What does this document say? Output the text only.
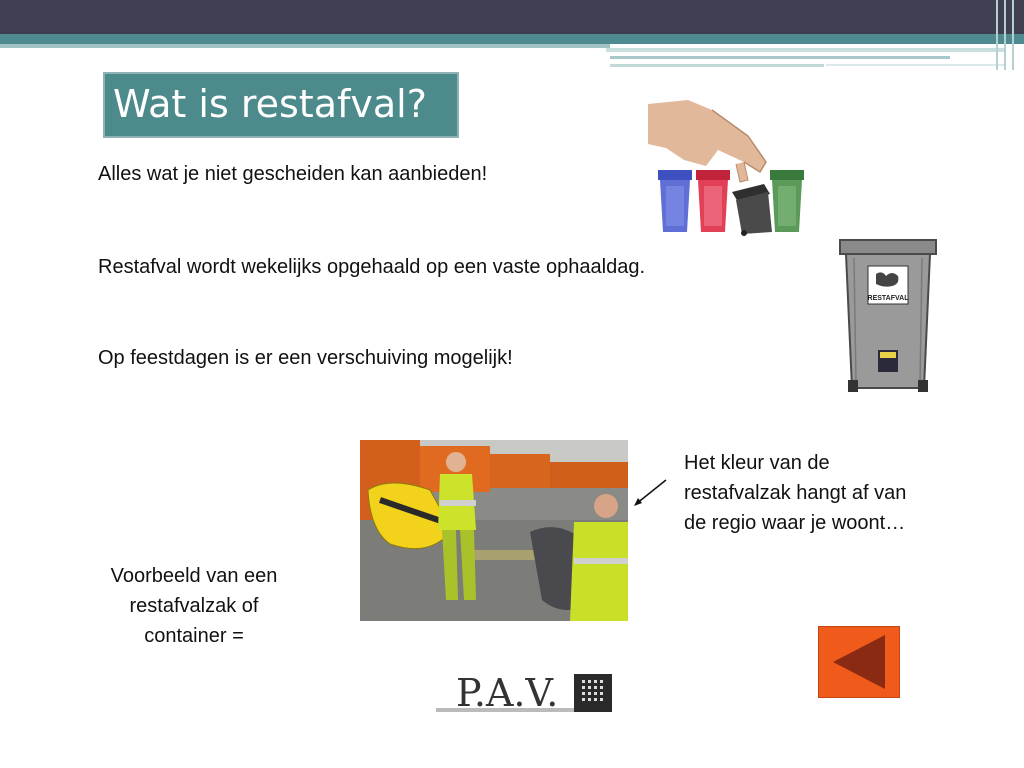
Wat is restafval?
Alles wat je niet gescheiden kan aanbieden!
Restafval wordt wekelijks opgehaald op een vaste ophaaldag.
Op feestdagen is er een verschuiving mogelijk!
RESTAFVAL
Het kleur van de
restafvalzak hangt af van
de regio waar je woont…
Voorbeeld van een
restafvalzak of
container =
P.A.V.
